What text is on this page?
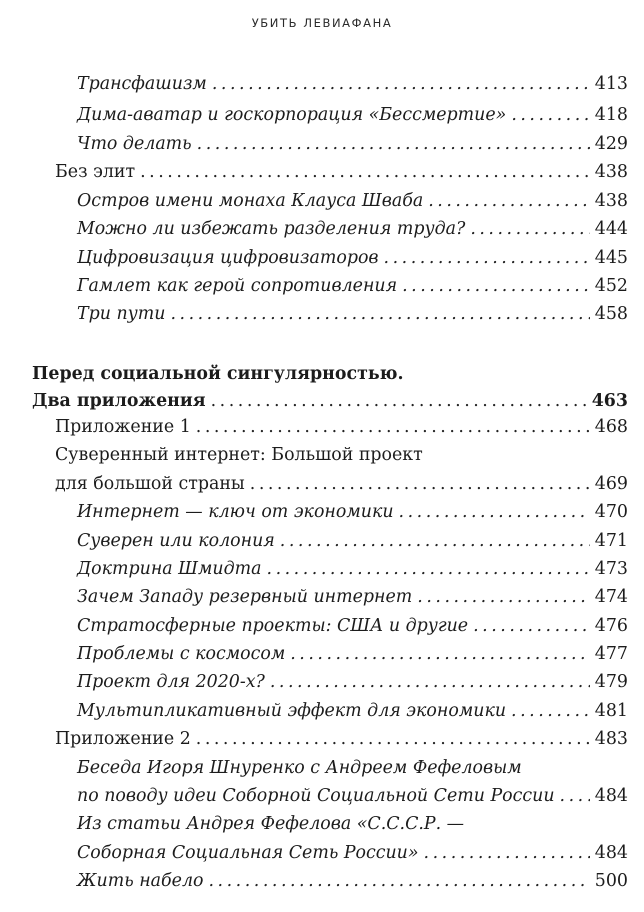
УБИТЬ ЛЕВИАФАНА
Трансфашизм . . .	413
Дима-аватар и госкорпорация «Бессмертие» . . .	418
Что делать . . .	429
Без элит . . .	438
Остров имени монаха Клауса Шваба . . .	438
Можно ли избежать разделения труда? . . .	444
Цифровизация цифровизаторов . . .	445
Гамлет как герой сопротивления . . .	452
Три пути . . .	458
Перед социальной сингулярностью.
Два приложения . . .	463
Приложение 1 . . .	468
Суверенный интернет: Большой проект
для большой страны . . .	469
Интернет — ключ от экономики . . .	470
Суверен или колония . . .	471
Доктрина Шмидта . . .	473
Зачем Западу резервный интернет . . .	474
Стратосферные проекты: США и другие . . .	476
Проблемы с космосом . . .	477
Проект для 2020-х? . . .	479
Мультипликативный эффект для экономики . . .	481
Приложение 2 . . .	483
Беседа Игоря Шнуренко с Андреем Фефеловым
по поводу идеи Соборной Социальной Сети России . . . 484
Из статьи Андрея Фефелова «С.С.С.Р. —
Соборная Социальная Сеть России» . . .	484
Жить набело . . .	500
